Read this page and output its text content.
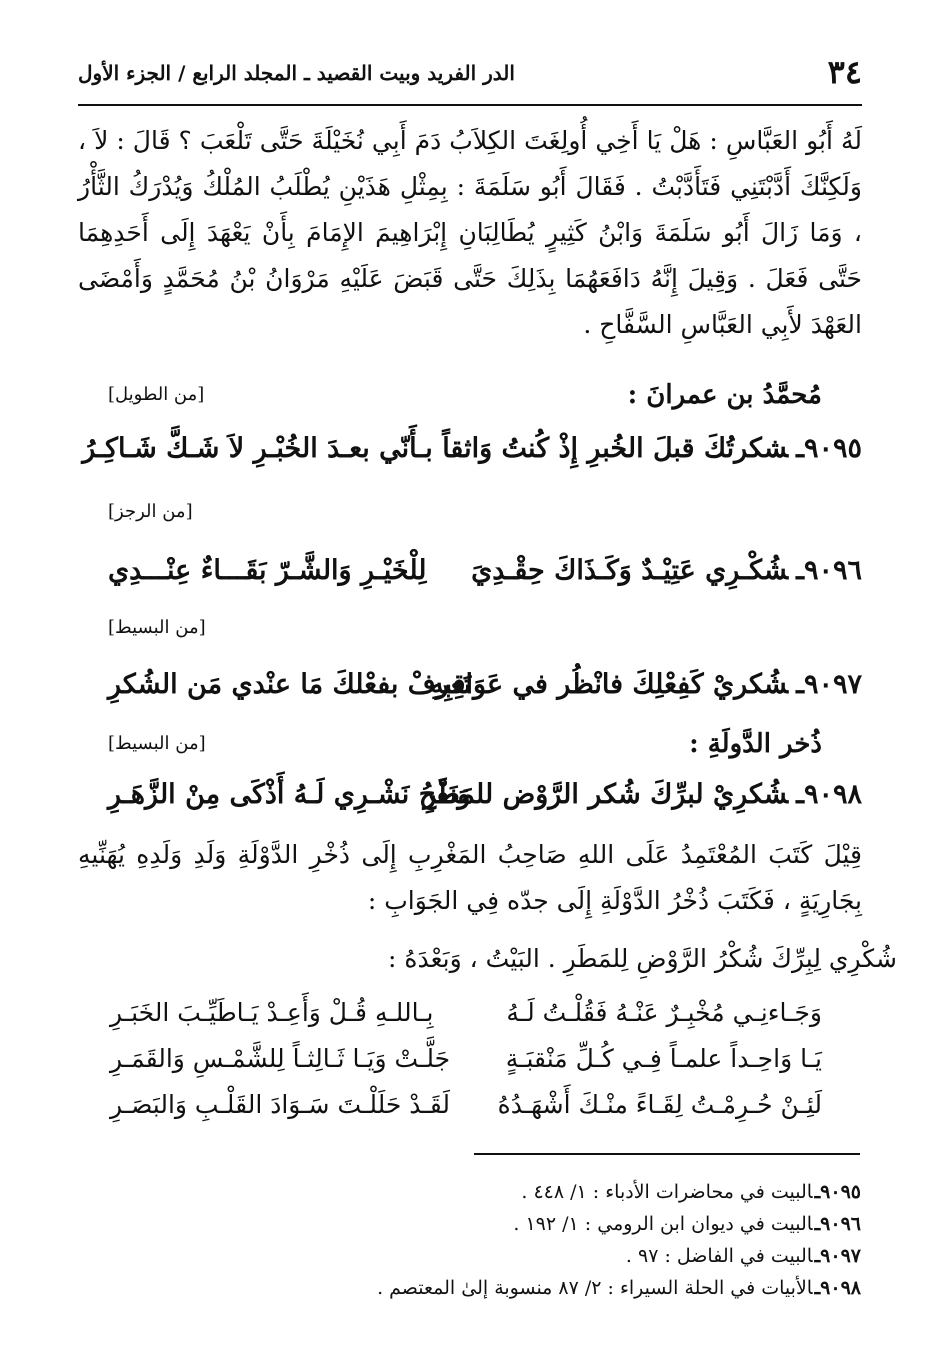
٣٤
الدر الفريد وبيت القصيد ـ المجلد الرابع / الجزء الأول

لَهُ أَبُو العَبَّاسِ : هَلْ يَا أَخِي أُولِغَتَ الكِلاَبُ دَمَ أَبِي نُخَيْلَةَ حَتَّى تَلْعَبَ ؟ قَالَ : لاَ ، وَلَكِنَّكَ أَدَّبْتَنِي فَتَأَدَّبْتُ . فَقَالَ أَبُو سَلَمَةَ : بِمِثْلِ هَذَيْنِ يُطْلَبُ المُلْكُ وَيُدْرَكُ الثَّأْرُ ، وَمَا زَالَ أَبُو سَلَمَةَ وَابْنُ كَثِيرٍ يُطَالِبَانِ إِبْرَاهِيمَ الإِمَامَ بِأَنْ يَعْهَدَ إِلَى أَحَدِهِمَا حَتَّى فَعَلَ . وَقِيلَ إِنَّهُ دَافَعَهُمَا بِذَلِكَ حَتَّى قَبَضَ عَلَيْهِ مَرْوَانُ بْنُ مُحَمَّدٍ وَأَمْضَى العَهْدَ لأَبِي العَبَّاسِ السَّفَّاحِ .

مُحمَّدُ بن عمرانَ :
[من الطويل]
٩٠٩٥ـشكرتُكَ قبلَ الخُبرِ إِذْ كُنتُ وَاثقاً بـأَنّي بعـدَ الخُبْـرِ لاَ شَـكَّ شَـاكِـرُ
[من الرجز]
٩٠٩٦ـشُكْـرِي عَتِيْـدٌ وَكَـذَاكَ حِقْـدِيَ
لِلْخَيْـرِ وَالشَّـرّ بَقَـــاءٌ عِنْـــدِي
[من البسيط]
٩٠٩٧ـشُكريْ كَفِعْلِكَ فانْظُر في عَوَاقِبِهِ
تَعرفْ بفعْلكَ مَا عنْدي مَن الشُكرِ
ذُخر الدَّولَةِ :
[من البسيط]
٩٠٩٨ـشُكرِيْ لبرِّكَ شُكر الرَّوْض للمَطَرِ
وَنَفْحُ نَشْـرِي لَـهُ أَذْكَى مِنْ الزَّهَـرِ

قِيْلَ كَتَبَ المُعْتَمِدُ عَلَى اللهِ صَاحِبُ المَغْرِبِ إِلَى ذُخْرِ الدَّوْلَةِ وَلَدِ وَلَدِهِ يُهَنِّيهِ بِجَارِيَةٍ ، فَكَتَبَ ذُخْرُ الدَّوْلَةِ إِلَى جدّه فِي الجَوَابِ :

شُكْرِي لِبِرِّكَ شُكْرُ الرَّوْضِ لِلمَطَرِ . البَيْتُ ، وَبَعْدَهُ :
وَجَـاءنِـي مُخْبِـرٌ عَنْـهُ فَقُلْـتُ لَـهُ
بِـاللـهِ قُـلْ وَأَعِـدْ يَـاطَيِّـبَ الخَبَـرِ
يَـا وَاحِـداً علمـاً فِـي كُـلِّ مَنْقبَـةٍ
جَلَّـتْ وَيَـا ثَـالِثـاً لِلشَّمْـسِ وَالقَمَـرِ
لَئِـنْ حُـرِمْـتُ لِقَـاءً منْـكَ أَشْهَـدُهُ
لَقَـدْ حَلَلْـتَ سَـوَادَ القَلْـبِ وَالبَصَـرِ
٩٠٩٥ـالبيت في محاضرات الأدباء : ١/ ٤٤٨ .
٩٠٩٦ـالبيت في ديوان ابن الرومي : ١/ ١٩٢ .
٩٠٩٧ـالبيت في الفاضل : ٩٧ .
٩٠٩٨ـالأبيات في الحلة السيراء : ٢/ ٨٧ منسوبة إلىٰ المعتصم .
